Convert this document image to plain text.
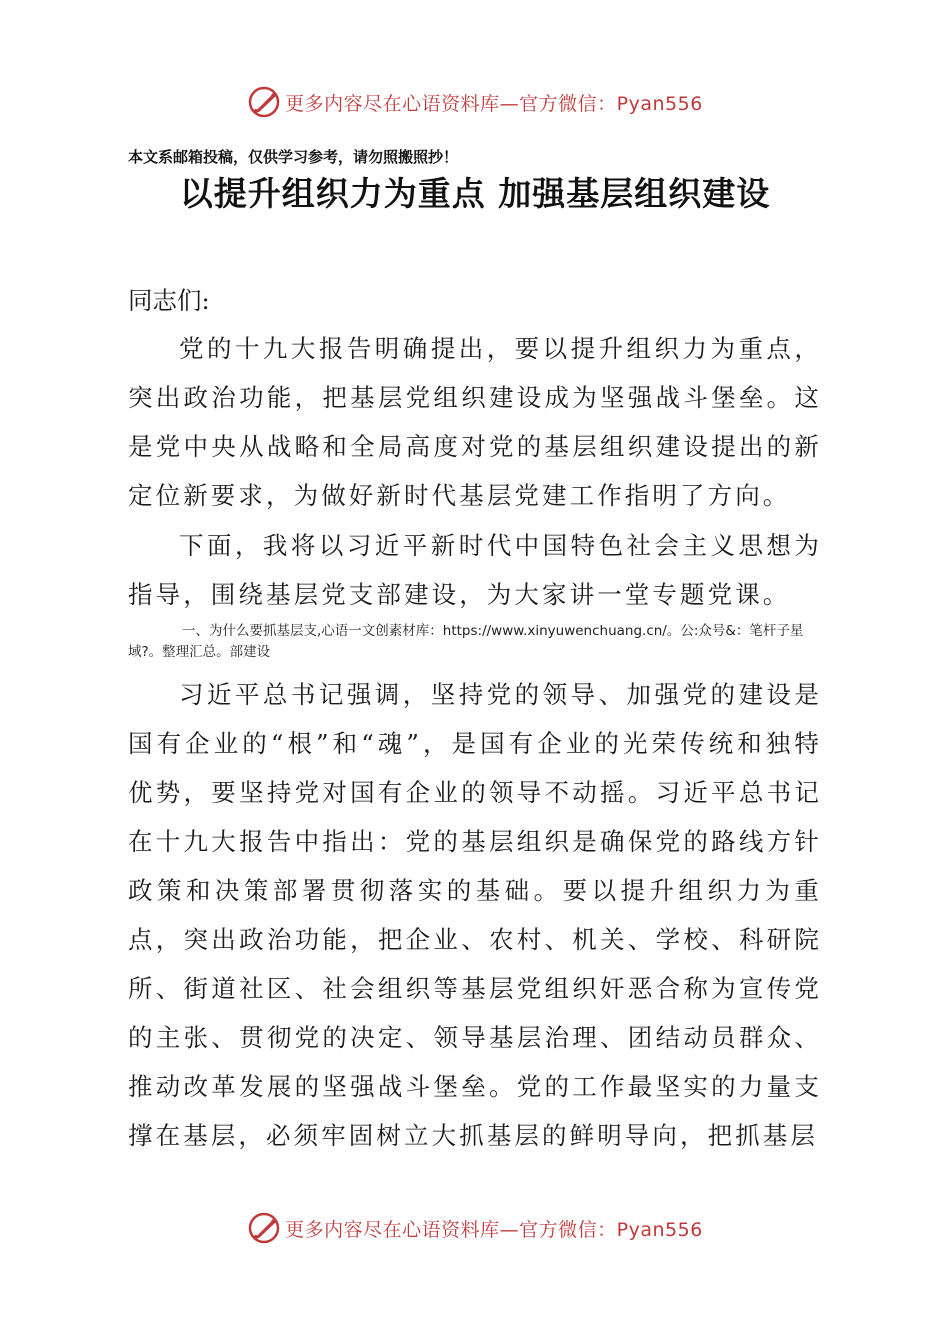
更多内容尽在心语资料库—官方微信：Pyan556
本文系邮箱投稿，仅供学习参考，请勿照搬照抄！
以提升组织力为重点 加强基层组织建设
同志们:
党的十九大报告明确提出，要以提升组织力为重点，突出政治功能，把基层党组织建设成为坚强战斗堡垒。这是党中央从战略和全局高度对党的基层组织建设提出的新定位新要求，为做好新时代基层党建工作指明了方向。
下面，我将以习近平新时代中国特色社会主义思想为指导，围绕基层党支部建设，为大家讲一堂专题党课。
一、为什么要抓基层支,心语一文创素材库：https://www.xinyuwenchuang.cn/。公:众号&：笔杆子星域?。整理汇总。部建设
习近平总书记强调，坚持党的领导、加强党的建设是国有企业的“根”和“魂”，是国有企业的光荣传统和独特优势，要坚持党对国有企业的领导不动摇。习近平总书记在十九大报告中指出：党的基层组织是确保党的路线方针政策和决策部署贯彻落实的基础。要以提升组织力为重点，突出政治功能，把企业、农村、机关、学校、科研院所、街道社区、社会组织等基层党组织奸恶合称为宣传党的主张、贯彻党的决定、领导基层治理、团结动员群众、推动改革发展的坚强战斗堡垒。党的工作最坚实的力量支撑在基层，必须牢固树立大抓基层的鲜明导向，把抓基层
更多内容尽在心语资料库—官方微信：Pyan556
